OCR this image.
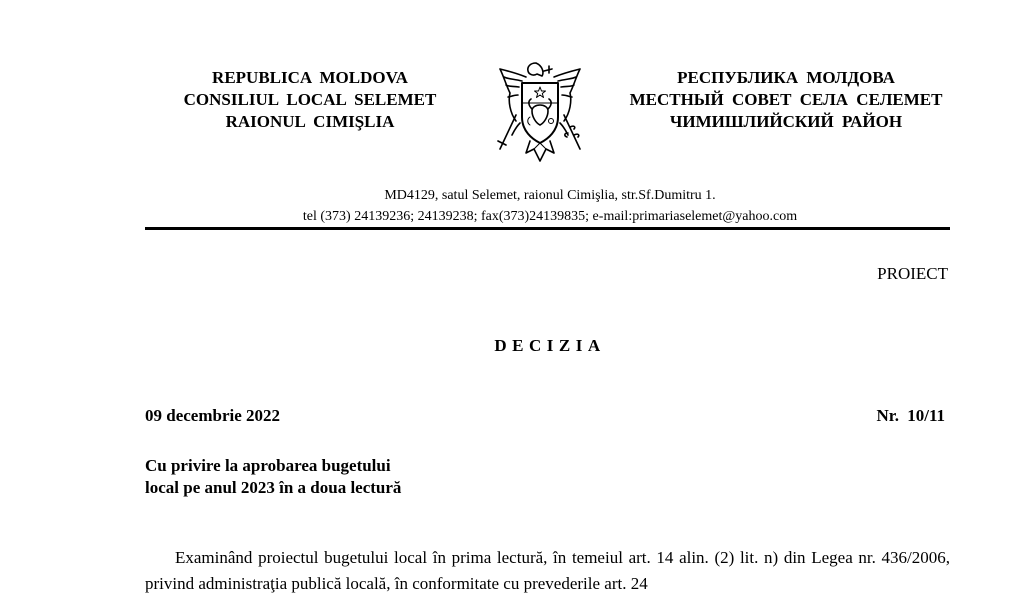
REPUBLICA MOLDOVA
CONSILIUL LOCAL SELEMET
RAIONUL CIMIŞLIA
РЕСПУБЛИКА МОЛДОВА
МЕСТНЫЙ СОВЕТ СЕЛА СЕЛЕМЕТ
ЧИМИШЛИЙСКИЙ РАЙОН
MD4129, satul Selemet, raionul Cimişlia, str.Sf.Dumitru 1.
tel (373) 24139236; 24139238; fax(373)24139835; e-mail:primariaselemet@yahoo.com
PROIECT
DECIZIA
09 decembrie 2022	Nr. 10/11
Cu privire la aprobarea bugetului
local pe anul 2023 în a doua lectură
Examinând proiectul bugetului local în prima lectură, în temeiul art. 14 alin. (2) lit. n) din Legea nr. 436/2006, privind administraţia publică locală, în conformitate cu prevederile art. 24
